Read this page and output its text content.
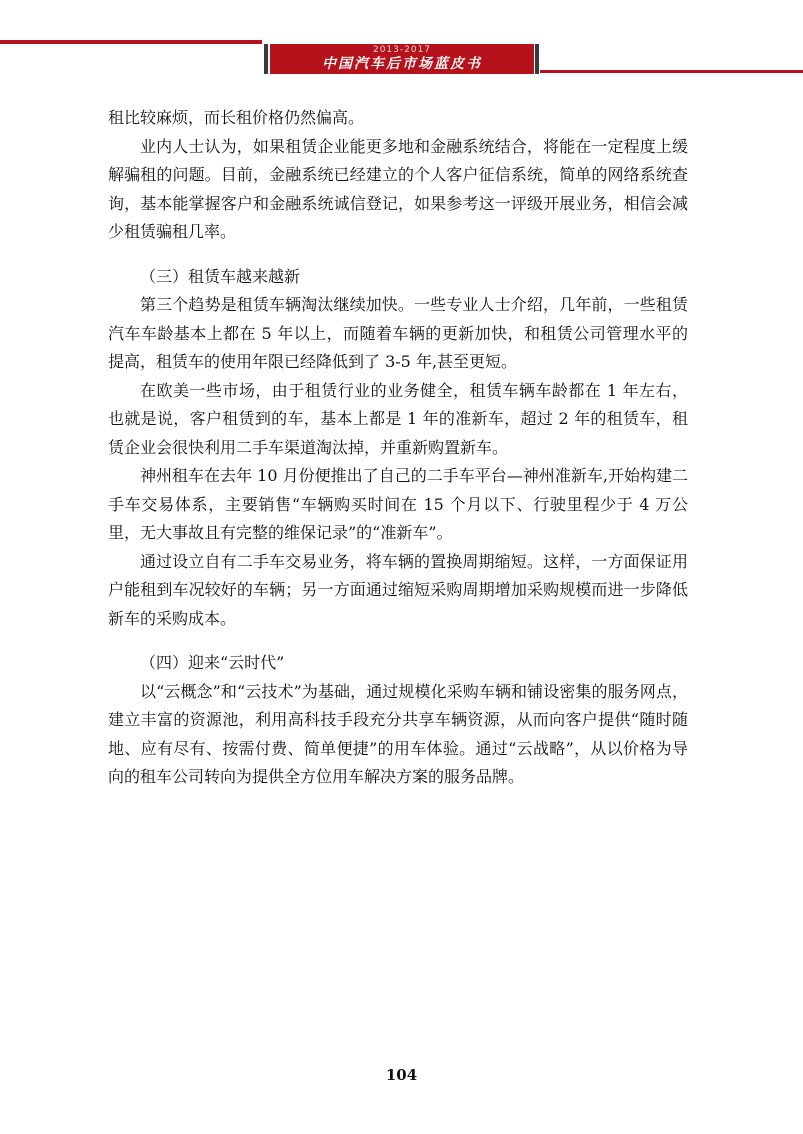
2013-2017
中国汽车后市场蓝皮书

租比较麻烦，而长租价格仍然偏高。

业内人士认为，如果租赁企业能更多地和金融系统结合，将能在一定程度上缓解骗租的问题。目前，金融系统已经建立的个人客户征信系统，简单的网络系统查询，基本能掌握客户和金融系统诚信登记，如果参考这一评级开展业务，相信会减少租赁骗租几率。

（三）租赁车越来越新

第三个趋势是租赁车辆淘汰继续加快。一些专业人士介绍，几年前，一些租赁汽车车龄基本上都在 5 年以上，而随着车辆的更新加快，和租赁公司管理水平的提高，租赁车的使用年限已经降低到了 3-5 年,甚至更短。

在欧美一些市场，由于租赁行业的业务健全，租赁车辆车龄都在 1 年左右，也就是说，客户租赁到的车，基本上都是 1 年的准新车，超过 2 年的租赁车，租赁企业会很快利用二手车渠道淘汰掉，并重新购置新车。

神州租车在去年 10 月份便推出了自己的二手车平台—神州准新车,开始构建二手车交易体系，主要销售“车辆购买时间在 15 个月以下、行驶里程少于 4 万公里，无大事故且有完整的维保记录”的“准新车”。

通过设立自有二手车交易业务，将车辆的置换周期缩短。这样，一方面保证用户能租到车况较好的车辆；另一方面通过缩短采购周期增加采购规模而进一步降低新车的采购成本。

（四）迎来“云时代”

以“云概念”和“云技术”为基础，通过规模化采购车辆和铺设密集的服务网点，建立丰富的资源池，利用高科技手段充分共享车辆资源，从而向客户提供“随时随地、应有尽有、按需付费、简单便捷”的用车体验。通过“云战略”，从以价格为导向的租车公司转向为提供全方位用车解决方案的服务品牌。

104
